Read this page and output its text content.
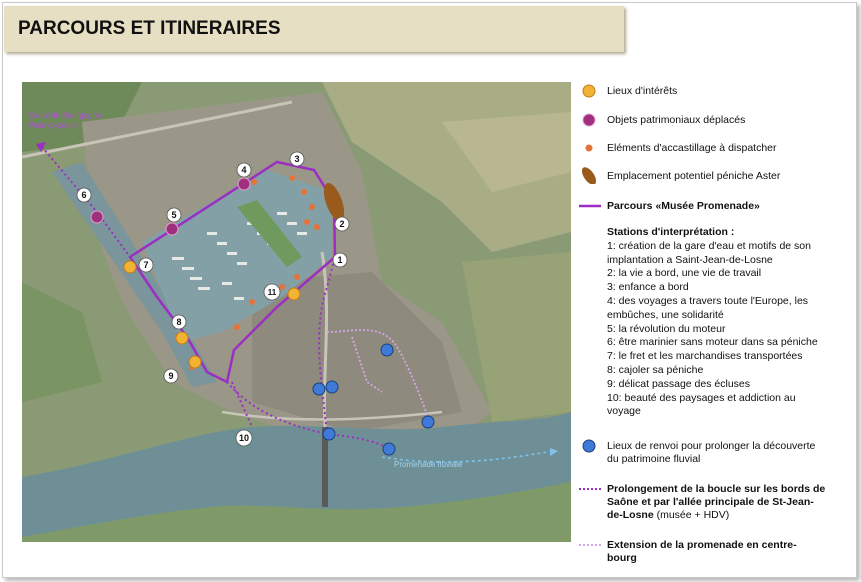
PARCOURS ET ITINERAIRES
1
2
3
4
5
6
7
8
9
10
11
Canal de Bourgogne
Piste cyclable
Promenade fluviale
Lieux d'intérêts
Objets patrimoniaux déplacés
Eléments d'accastillage à dispatcher
Emplacement potentiel péniche Aster
Parcours «Musée Promenade»
Stations d'interprétation :
1: création de la gare d'eau et motifs de son
implantation a Saint-Jean-de-Losne
2: la vie a bord, une vie de travail
3: enfance a bord
4: des voyages a travers toute l'Europe, les
embûches, une solidarité
5: la révolution du moteur
6: être marinier sans moteur dans sa péniche
7: le fret et les marchandises transportées
8: cajoler sa péniche
9: délicat passage des écluses
10: beauté des paysages et addiction au
voyage
Lieux de renvoi pour prolonger la découverte
du patrimoine fluvial
Prolongement de la boucle sur les bords de
Saône et par l'allée principale de St-Jean-
de-Losne (musée + HDV)
Extension de la promenade en centre-
bourg
